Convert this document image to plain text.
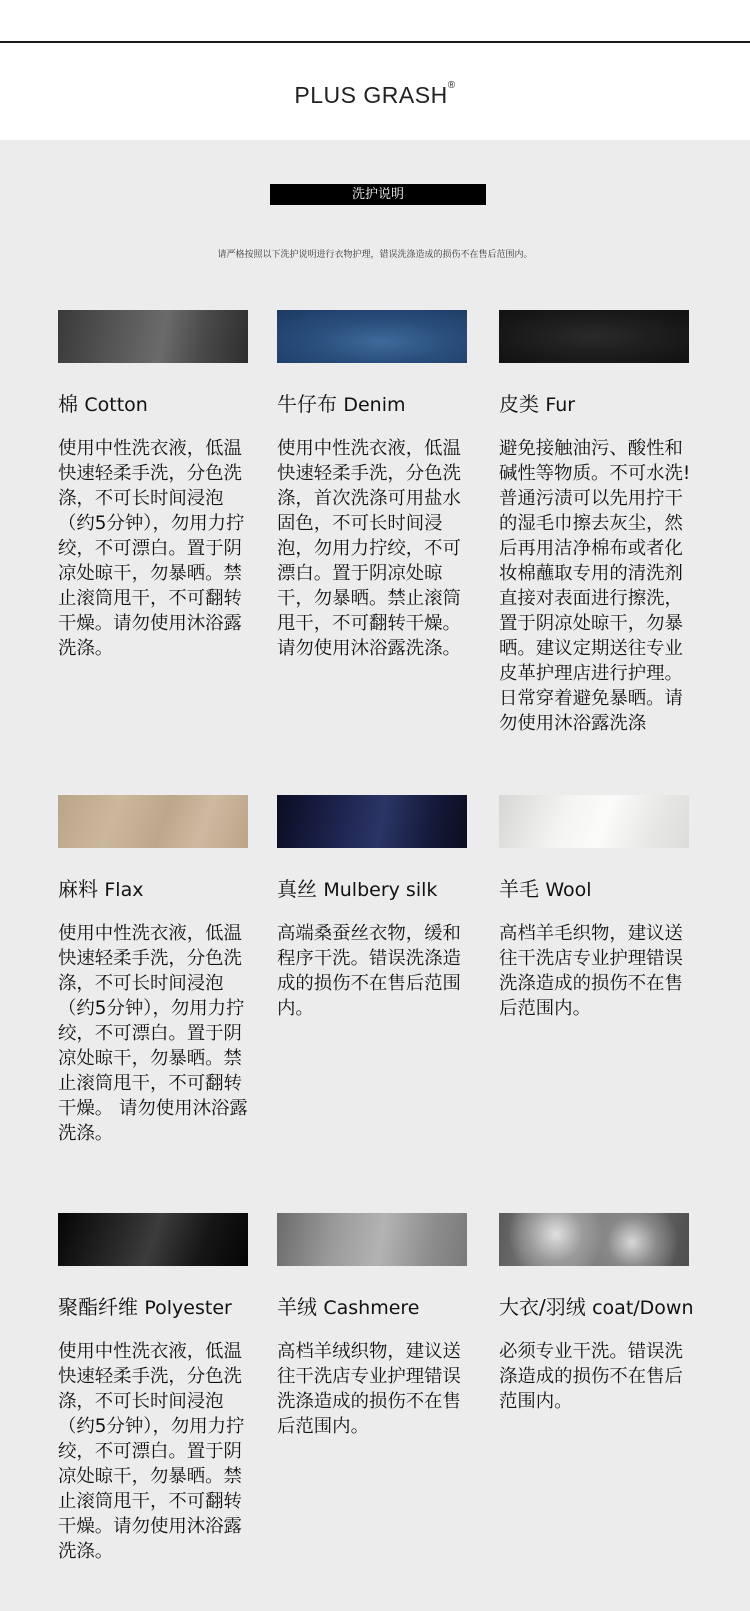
PLUS GRASH®
洗护说明
请严格按照以下洗护说明进行衣物护理，错误洗涤造成的损伤不在售后范围内。
棉 Cotton
使用中性洗衣液，低温快速轻柔手洗，分色洗涤，不可长时间浸泡（约5分钟），勿用力拧绞，不可漂白。置于阴凉处晾干，勿暴晒。禁止滚筒甩干，不可翻转干燥。请勿使用沐浴露洗涤。
牛仔布 Denim
使用中性洗衣液，低温快速轻柔手洗，分色洗涤，首次洗涤可用盐水固色，不可长时间浸泡，勿用力拧绞，不可漂白。置于阴凉处晾干，勿暴晒。禁止滚筒甩干，不可翻转干燥。请勿使用沐浴露洗涤。
皮类 Fur
避免接触油污、酸性和碱性等物质。不可水洗!普通污渍可以先用拧干的湿毛巾擦去灰尘，然后再用洁净棉布或者化妆棉蘸取专用的清洗剂直接对表面进行擦洗，置于阴凉处晾干，勿暴晒。建议定期送往专业皮革护理店进行护理。日常穿着避免暴晒。请勿使用沐浴露洗涤
麻料 Flax
使用中性洗衣液，低温快速轻柔手洗，分色洗涤，不可长时间浸泡（约5分钟），勿用力拧绞，不可漂白。置于阴凉处晾干，勿暴晒。禁止滚筒甩干，不可翻转干燥。 请勿使用沐浴露洗涤。
真丝 Mulbery silk
高端桑蚕丝衣物，缓和程序干洗。错误洗涤造成的损伤不在售后范围内。
羊毛 Wool
高档羊毛织物，建议送往干洗店专业护理错误洗涤造成的损伤不在售后范围内。
聚酯纤维 Polyester
使用中性洗衣液，低温快速轻柔手洗，分色洗涤，不可长时间浸泡（约5分钟），勿用力拧绞，不可漂白。置于阴凉处晾干，勿暴晒。禁止滚筒甩干，不可翻转干燥。请勿使用沐浴露洗涤。
羊绒 Cashmere
高档羊绒织物，建议送往干洗店专业护理错误洗涤造成的损伤不在售后范围内。
大衣/羽绒 coat/Down
必须专业干洗。错误洗涤造成的损伤不在售后范围内。
